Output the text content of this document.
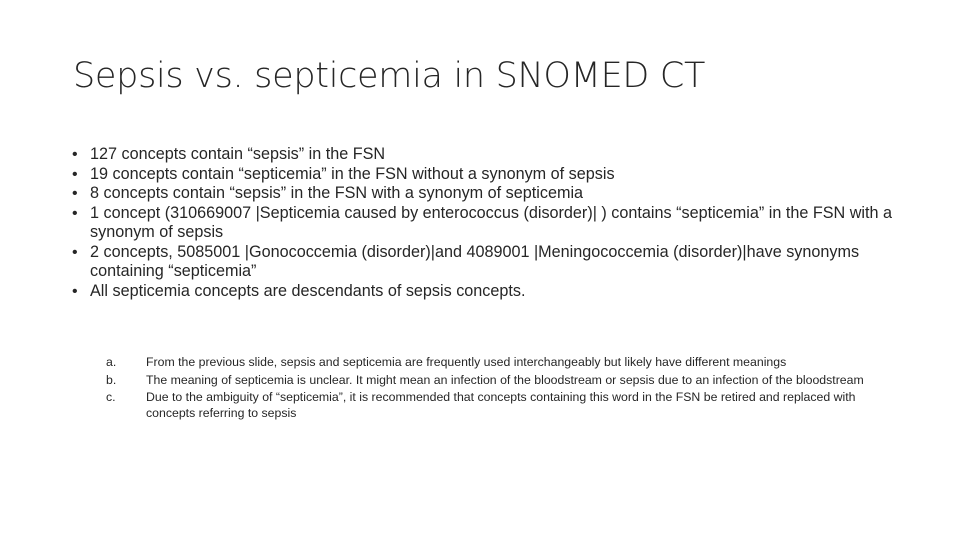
Sepsis vs. septicemia in SNOMED CT
• 127 concepts contain “sepsis” in the FSN
• 19 concepts contain “septicemia” in the FSN without a synonym of sepsis
• 8 concepts contain “sepsis” in the FSN with a synonym of septicemia
• 1 concept (310669007 |Septicemia caused by enterococcus (disorder)| ) contains “septicemia” in the FSN with a synonym of sepsis
• 2 concepts, 5085001 |Gonococcemia (disorder)|and 4089001 |Meningococcemia (disorder)|have synonyms containing “septicemia”
• All septicemia concepts are descendants of sepsis concepts.
a. From the previous slide, sepsis and septicemia are frequently used interchangeably but likely have different meanings
b. The meaning of septicemia is unclear. It might mean an infection of the bloodstream or sepsis due to an infection of the bloodstream
c. Due to the ambiguity of “septicemia”, it is recommended that concepts containing this word in the FSN be retired and replaced with concepts referring to sepsis
